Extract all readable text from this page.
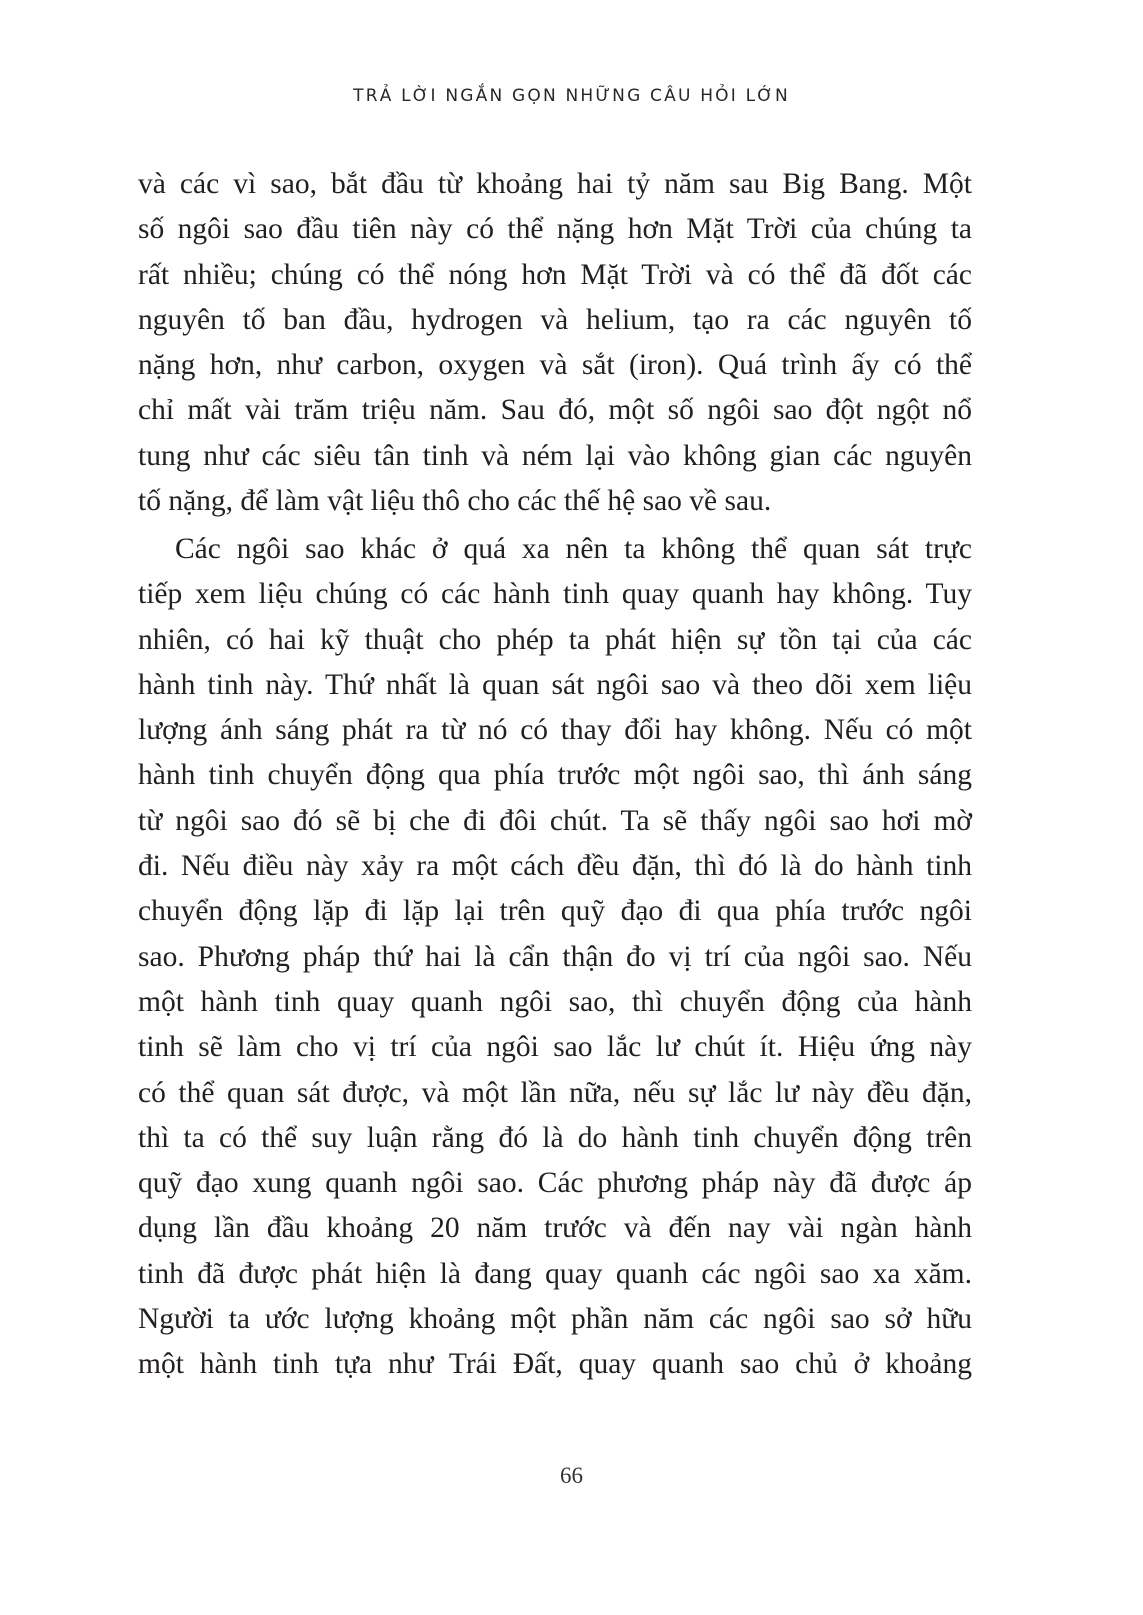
TRẢ LỜI NGẮN GỌN NHỮNG CÂU HỎI LỚN
và các vì sao, bắt đầu từ khoảng hai tỷ năm sau Big Bang. Một
số ngôi sao đầu tiên này có thể nặng hơn Mặt Trời của chúng ta
rất nhiều; chúng có thể nóng hơn Mặt Trời và có thể đã đốt các
nguyên tố ban đầu, hydrogen và helium, tạo ra các nguyên tố
nặng hơn, như carbon, oxygen và sắt (iron). Quá trình ấy có thể
chỉ mất vài trăm triệu năm. Sau đó, một số ngôi sao đột ngột nổ
tung như các siêu tân tinh và ném lại vào không gian các nguyên
tố nặng, để làm vật liệu thô cho các thế hệ sao về sau.
Các ngôi sao khác ở quá xa nên ta không thể quan sát trực
tiếp xem liệu chúng có các hành tinh quay quanh hay không. Tuy
nhiên, có hai kỹ thuật cho phép ta phát hiện sự tồn tại của các
hành tinh này. Thứ nhất là quan sát ngôi sao và theo dõi xem liệu
lượng ánh sáng phát ra từ nó có thay đổi hay không. Nếu có một
hành tinh chuyển động qua phía trước một ngôi sao, thì ánh sáng
từ ngôi sao đó sẽ bị che đi đôi chút. Ta sẽ thấy ngôi sao hơi mờ
đi. Nếu điều này xảy ra một cách đều đặn, thì đó là do hành tinh
chuyển động lặp đi lặp lại trên quỹ đạo đi qua phía trước ngôi
sao. Phương pháp thứ hai là cẩn thận đo vị trí của ngôi sao. Nếu
một hành tinh quay quanh ngôi sao, thì chuyển động của hành
tinh sẽ làm cho vị trí của ngôi sao lắc lư chút ít. Hiệu ứng này
có thể quan sát được, và một lần nữa, nếu sự lắc lư này đều đặn,
thì ta có thể suy luận rằng đó là do hành tinh chuyển động trên
quỹ đạo xung quanh ngôi sao. Các phương pháp này đã được áp
dụng lần đầu khoảng 20 năm trước và đến nay vài ngàn hành
tinh đã được phát hiện là đang quay quanh các ngôi sao xa xăm.
Người ta ước lượng khoảng một phần năm các ngôi sao sở hữu
một hành tinh tựa như Trái Đất, quay quanh sao chủ ở khoảng
66
